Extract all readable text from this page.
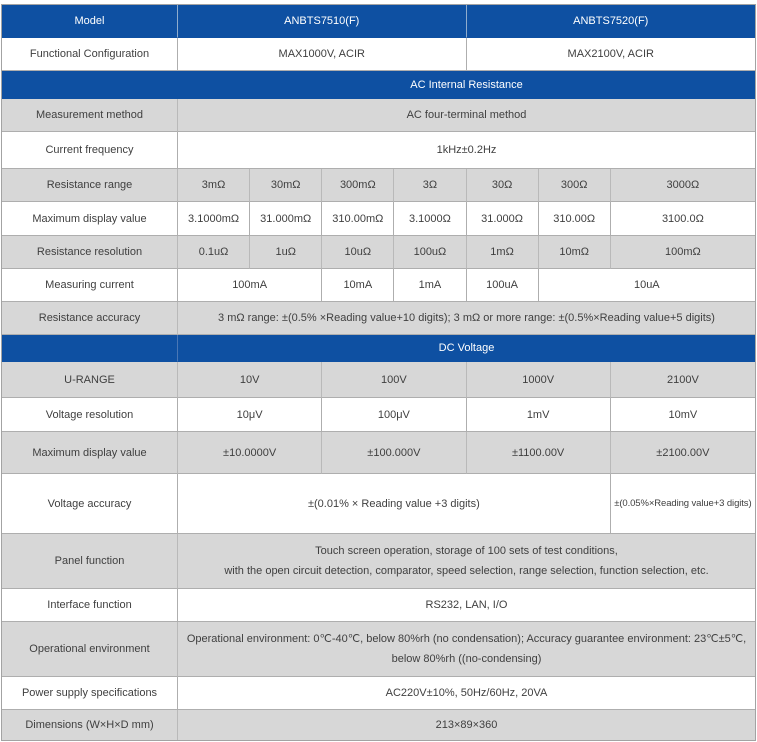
Model	ANBTS7510(F)				ANBTS7520(F)		
Functional Configuration	MAX1000V, ACIR				MAX2100V, ACIR		
	AC Internal Resistance						
Measurement method	AC four-terminal method						
Current frequency	1kHz±0.2Hz						
Resistance range	3mΩ	30mΩ	300mΩ	3Ω	30Ω	300Ω	3000Ω
Maximum display value	3.1000mΩ	31.000mΩ	310.00mΩ	3.1000Ω	31.000Ω	310.00Ω	3100.0Ω
Resistance resolution	0.1uΩ	1uΩ	10uΩ	100uΩ	1mΩ	10mΩ	100mΩ
Measuring current	100mA		10mA	1mA	100uA	10uA	
Resistance accuracy	3 mΩ range: ±(0.5% ×Reading value+10 digits); 3 mΩ or more range: ±(0.5%×Reading value+5 digits)						
	DC Voltage						
U-RANGE	10V		100V		1000V		2100V
Voltage resolution	10μV		100μV		1mV		10mV
Maximum display value	±10.0000V		±100.000V		±1100.00V		±2100.00V
Voltage accuracy	±(0.01% × Reading value +3 digits)						±(0.05%×Reading value+3 digits)
Panel function	Touch screen operation, storage of 100 sets of test conditions,
with the open circuit detection, comparator, speed selection, range selection, function selection, etc.						

Interface function	RS232, LAN, I/O						
Operational environment	Operational environment: 0℃-40℃, below 80%rh (no condensation); Accuracy guarantee environment: 23℃±5℃,
below 80%rh ((no-condensing)						

Power supply specifications	AC220V±10%, 50Hz/60Hz, 20VA						
Dimensions (W×H×D mm)	213×89×360						
